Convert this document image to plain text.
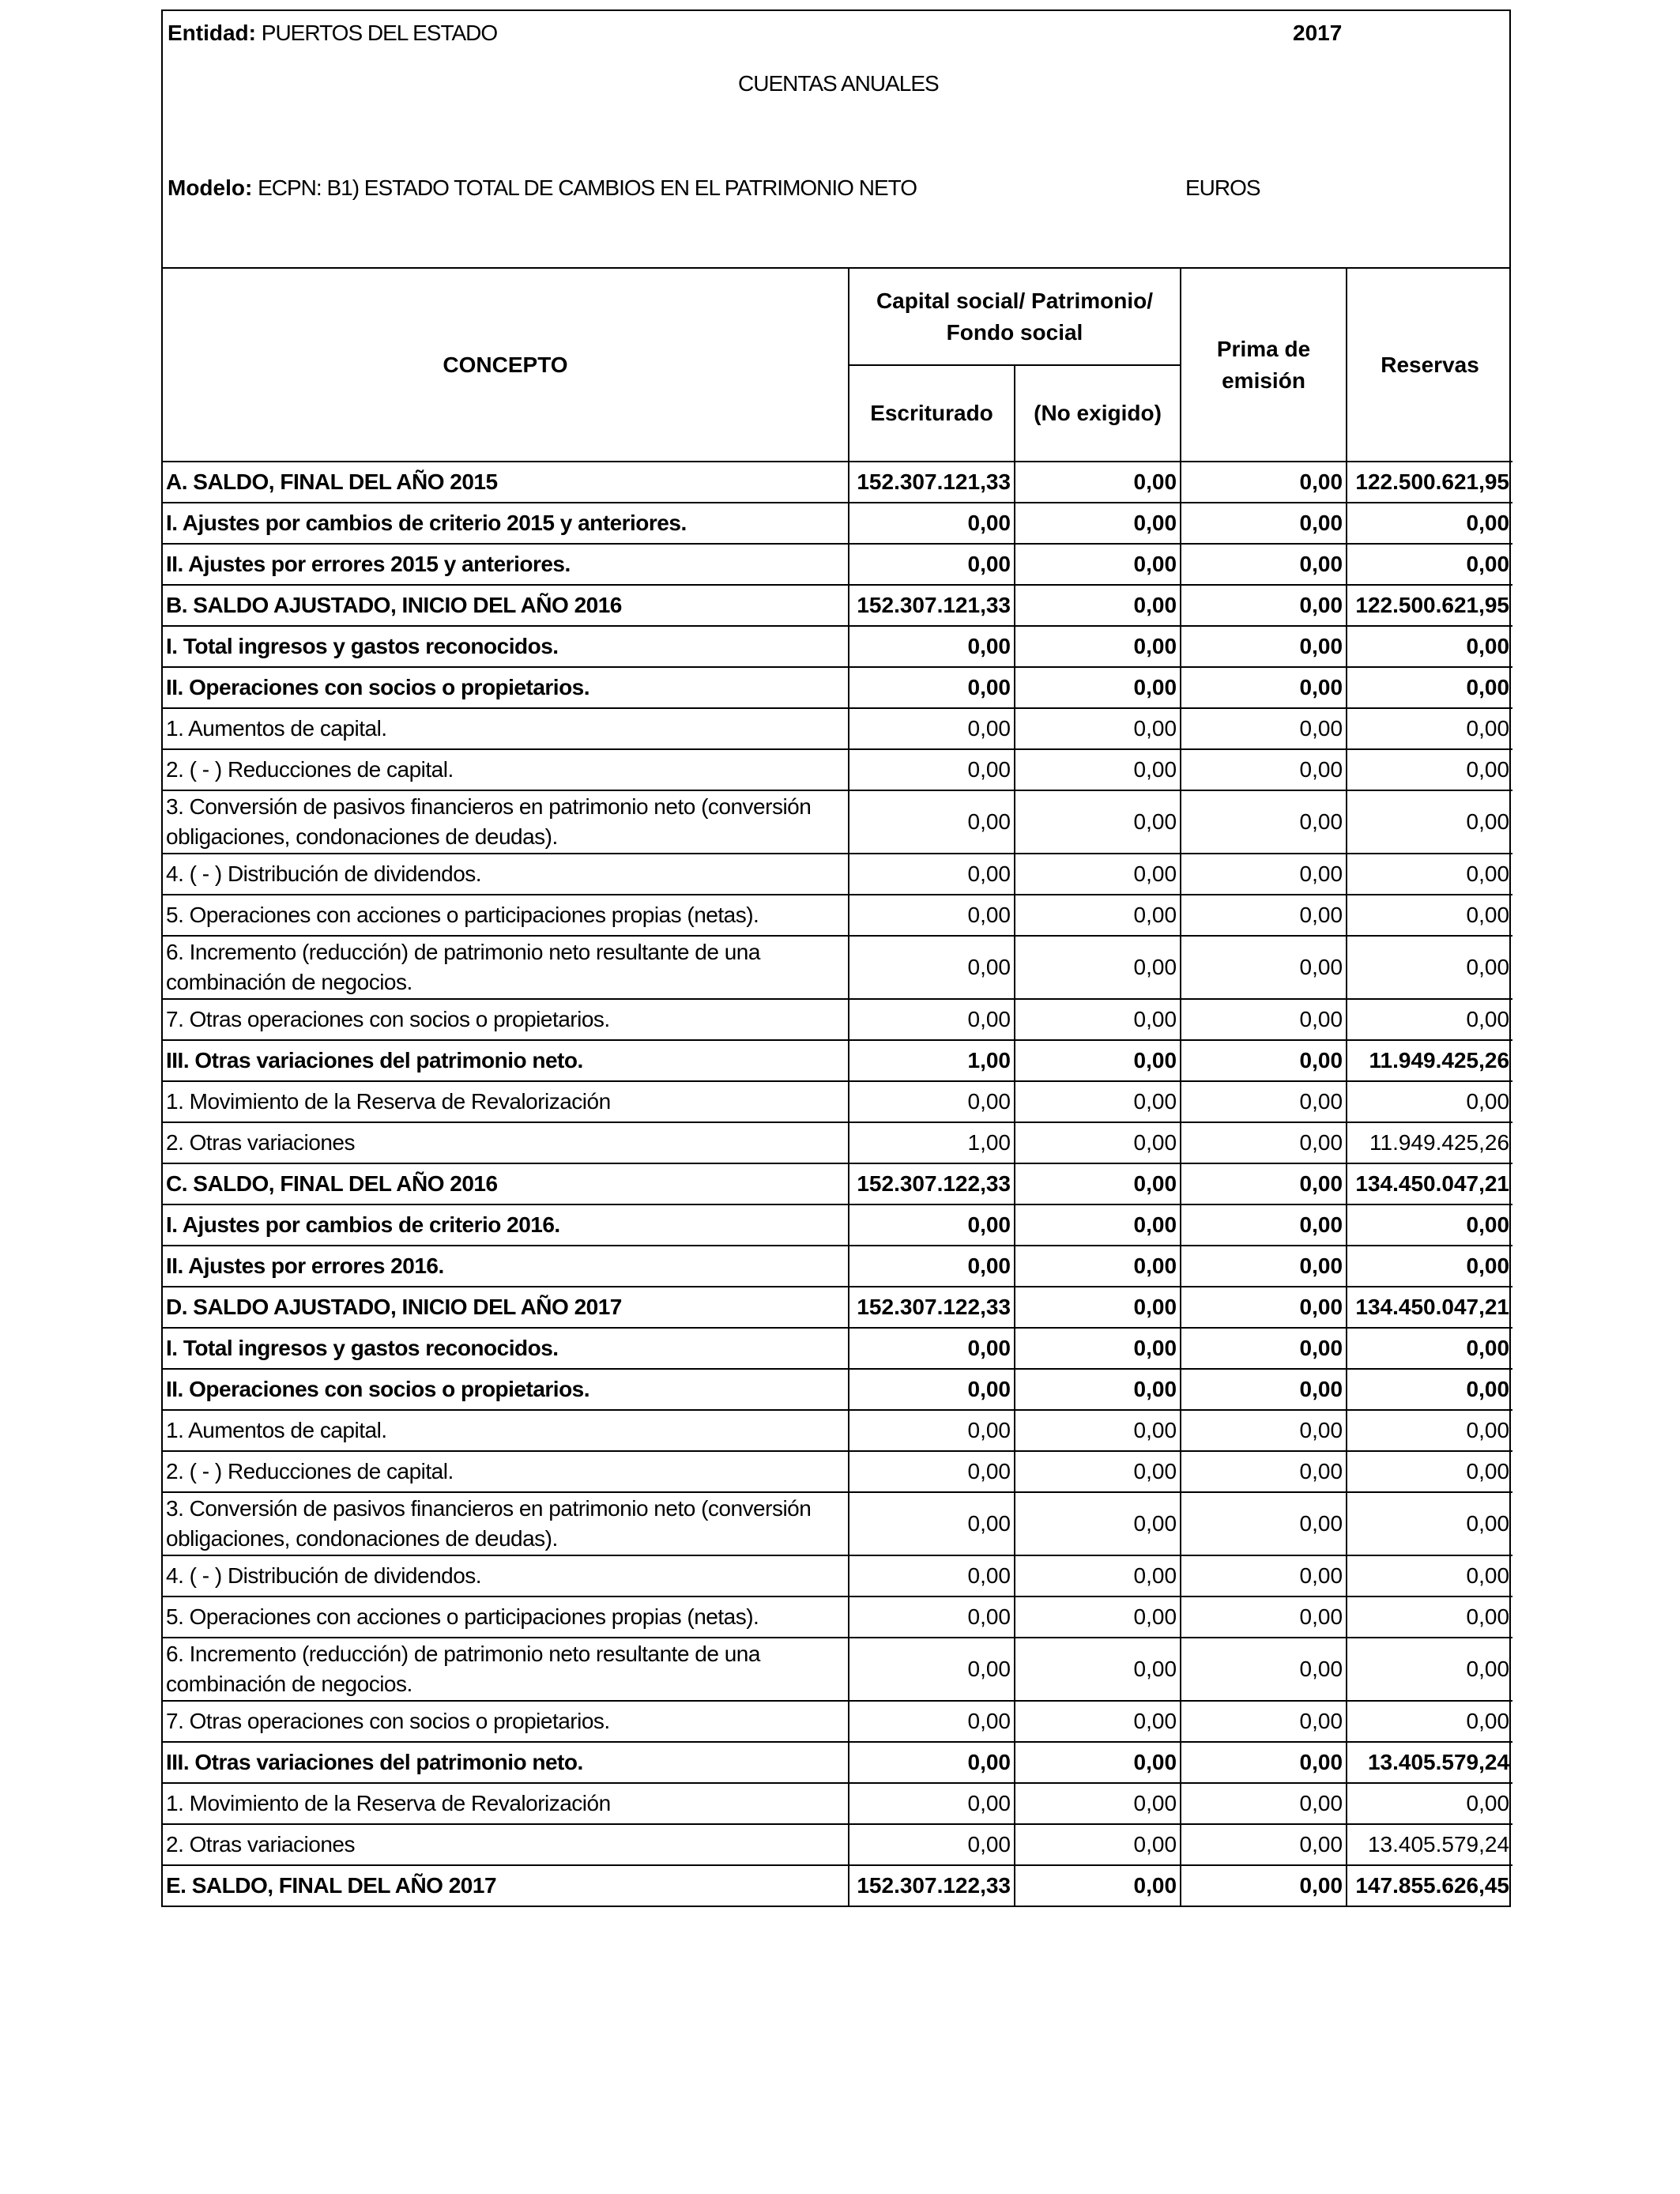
Entidad: PUERTOS DEL ESTADO	2017
CUENTAS ANUALES
Modelo: ECPN: B1) ESTADO TOTAL DE CAMBIOS EN EL PATRIMONIO NETO	EUROS
CONCEPTO	Capital social/ Patrimonio/ Fondo social		Prima de emisión	Reservas
	Escriturado	(No exigido)		
A. SALDO, FINAL DEL AÑO 2015	152.307.121,33	0,00	0,00	122.500.621,95
I. Ajustes por cambios de criterio 2015 y anteriores.	0,00	0,00	0,00	0,00
II. Ajustes por errores 2015 y anteriores.	0,00	0,00	0,00	0,00
B. SALDO AJUSTADO, INICIO DEL AÑO 2016	152.307.121,33	0,00	0,00	122.500.621,95
I. Total ingresos y gastos reconocidos.	0,00	0,00	0,00	0,00
II. Operaciones con socios o propietarios.	0,00	0,00	0,00	0,00
1. Aumentos de capital.	0,00	0,00	0,00	0,00
2. ( - ) Reducciones de capital.	0,00	0,00	0,00	0,00
3. Conversión de pasivos financieros en patrimonio neto (conversión obligaciones, condonaciones de deudas).	0,00	0,00	0,00	0,00
4. ( - ) Distribución de dividendos.	0,00	0,00	0,00	0,00
5. Operaciones con acciones o participaciones propias (netas).	0,00	0,00	0,00	0,00
6. Incremento (reducción) de patrimonio neto resultante de una combinación de negocios.	0,00	0,00	0,00	0,00
7. Otras operaciones con socios o propietarios.	0,00	0,00	0,00	0,00
III. Otras variaciones del patrimonio neto.	1,00	0,00	0,00	11.949.425,26
1. Movimiento de la Reserva de Revalorización	0,00	0,00	0,00	0,00
2. Otras variaciones	1,00	0,00	0,00	11.949.425,26
C. SALDO, FINAL DEL AÑO 2016	152.307.122,33	0,00	0,00	134.450.047,21
I. Ajustes por cambios de criterio 2016.	0,00	0,00	0,00	0,00
II. Ajustes por errores 2016.	0,00	0,00	0,00	0,00
D. SALDO AJUSTADO, INICIO DEL AÑO 2017	152.307.122,33	0,00	0,00	134.450.047,21
I. Total ingresos y gastos reconocidos.	0,00	0,00	0,00	0,00
II. Operaciones con socios o propietarios.	0,00	0,00	0,00	0,00
1. Aumentos de capital.	0,00	0,00	0,00	0,00
2. ( - ) Reducciones de capital.	0,00	0,00	0,00	0,00
3. Conversión de pasivos financieros en patrimonio neto (conversión obligaciones, condonaciones de deudas).	0,00	0,00	0,00	0,00
4. ( - ) Distribución de dividendos.	0,00	0,00	0,00	0,00
5. Operaciones con acciones o participaciones propias (netas).	0,00	0,00	0,00	0,00
6. Incremento (reducción) de patrimonio neto resultante de una combinación de negocios.	0,00	0,00	0,00	0,00
7. Otras operaciones con socios o propietarios.	0,00	0,00	0,00	0,00
III. Otras variaciones del patrimonio neto.	0,00	0,00	0,00	13.405.579,24
1. Movimiento de la Reserva de Revalorización	0,00	0,00	0,00	0,00
2. Otras variaciones	0,00	0,00	0,00	13.405.579,24
E. SALDO, FINAL DEL AÑO 2017	152.307.122,33	0,00	0,00	147.855.626,45
